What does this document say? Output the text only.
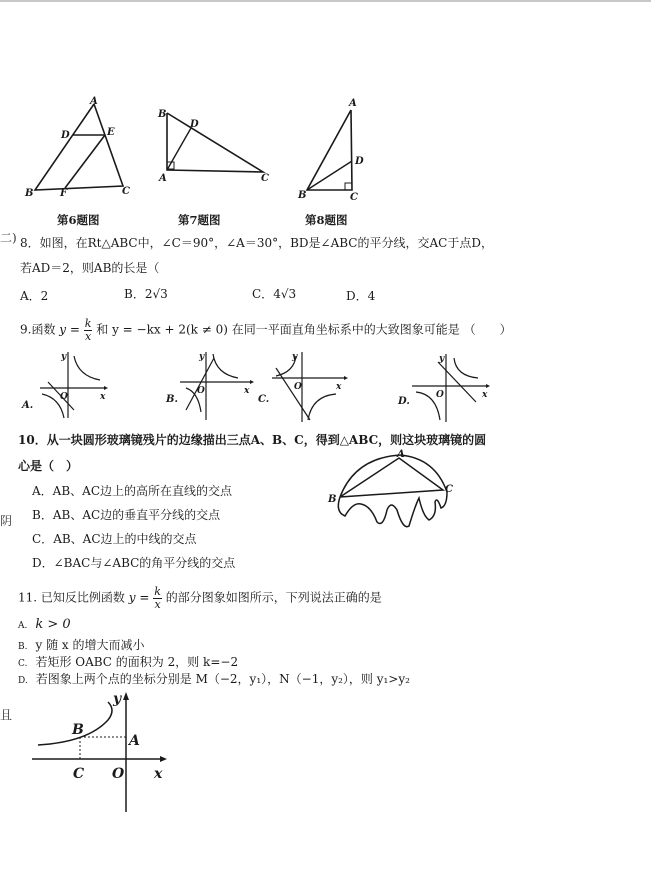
A
D	E
B	F	C
第6题图
B
D
A	C
第7题图
A
D
B	C
第8题图
二)
阴
且
8．如图，在Rt△ABC中，∠C＝90°，∠A＝30°，BD是∠ABC的平分线，交AC于点D，
若AD＝2，则AB的长是（
A．2	B．2√3	C．4√3	D．4
9.函数 $y = \frac{k}{x}$ 和 y = −kx + 2(k ≠ 0) 在同一平面直角坐标系中的大致图象可能是 （　　）
y
O	x
A.
y
O	x
B.
y
O	x
C.
y
O	x
D.
10．从一块圆形玻璃镜残片的边缘描出三点A、B、C，得到△ABC，则这块玻璃镜的圆
心是（　）
A．AB、AC边上的高所在直线的交点
B．AB、AC边的垂直平分线的交点
C．AB、AC边上的中线的交点
D．∠BAC与∠ABC的角平分线的交点
A
B
C
11. 已知反比例函数 $y = \frac{k}{x}$ 的部分图象如图所示，下列说法正确的是
A. k > 0
B. y 随 x 的增大而减小
C. 若矩形 OABC 的面积为 2，则 k=−2
D. 若图象上两个点的坐标分别是 M（−2，y₁），N（−1，y₂），则 y₁>y₂
B
A
C O x
y
